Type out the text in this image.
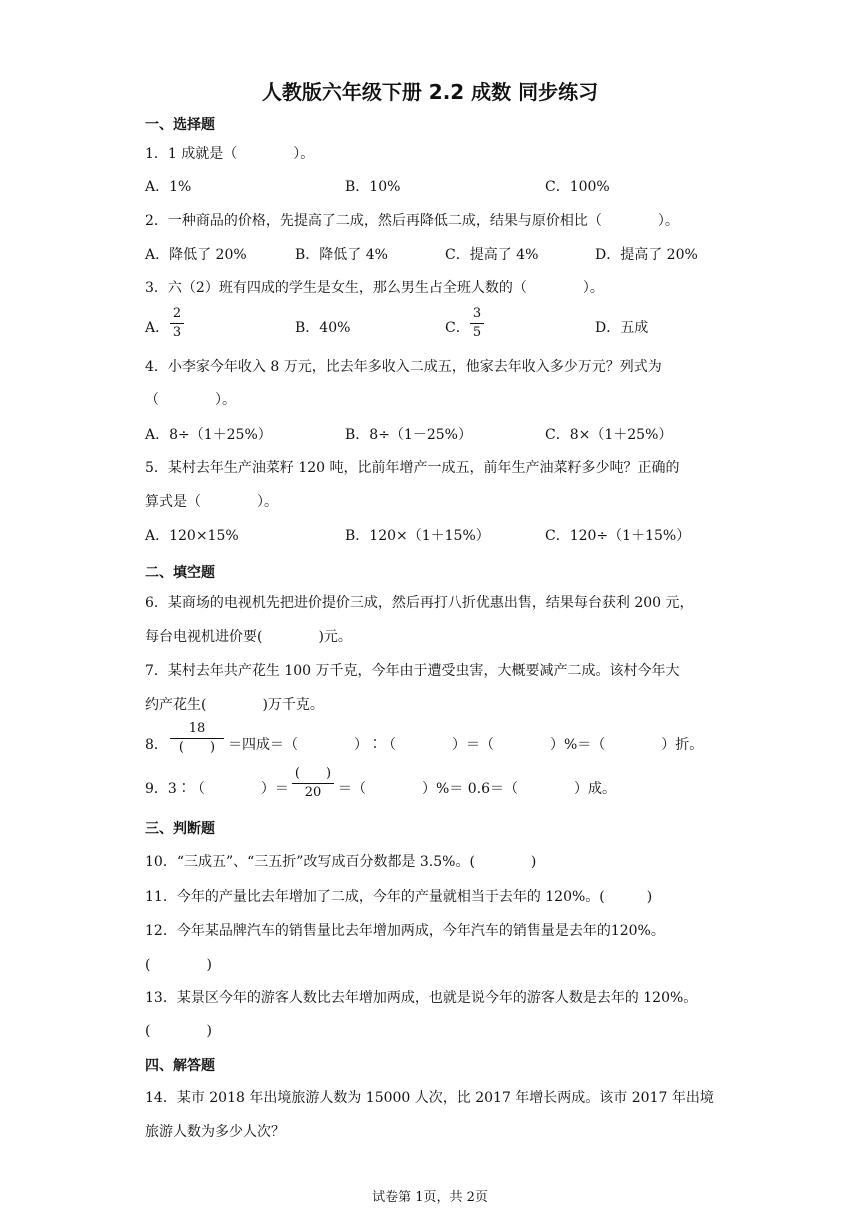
人教版六年级下册 2.2 成数 同步练习
一、选择题
1．1 成就是（　　　　）。
A．1%	B．10%	C．100%
2．一种商品的价格，先提高了二成，然后再降低二成，结果与原价相比（　　　　）。
A．降低了 20%	B．降低了 4%	C．提高了 4%	D．提高了 20%
3．六（2）班有四成的学生是女生，那么男生占全班人数的（　　　　）。
A．
2
3	B．40%	C．
3
5	D．五成
4．小李家今年收入 8 万元，比去年多收入二成五，他家去年收入多少万元？列式为
（　　　　）。
A．8÷（1＋25%）	B．8÷（1－25%）	C．8×（1＋25%）
5．某村去年生产油菜籽 120 吨，比前年增产一成五，前年生产油菜籽多少吨？正确的
算式是（　　　　）。
A．120×15%	B．120×（1＋15%）	C．120÷（1＋15%）
二、填空题
6．某商场的电视机先把进价提价三成，然后再打八折优惠出售，结果每台获利 200 元，
每台电视机进价要(　　　　)元。
7．某村去年共产花生 100 万千克，今年由于遭受虫害，大概要减产二成。该村今年大
约产花生(　　　　)万千克。
8．
18
(　　) ＝四成＝（　　　　）∶（　　　　）＝（　　　　）%＝（　　　　）折。
9．3∶（　　　　）＝
(　　)
20	＝（　　　　）%＝ 0.6＝（　　　　）成。
三、判断题
10．“三成五”、“三五折”改写成百分数都是 3.5%。(　　　　)
11．今年的产量比去年增加了二成，今年的产量就相当于去年的 120%。(　　　)
12．今年某品牌汽车的销售量比去年增加两成，今年汽车的销售量是去年的120%。
(　　　　)
13．某景区今年的游客人数比去年增加两成，也就是说今年的游客人数是去年的 120%。
(　　　　)
四、解答题
14．某市 2018 年出境旅游人数为 15000 人次，比 2017 年增长两成。该市 2017 年出境
旅游人数为多少人次？
试卷第 1页，共 2页
